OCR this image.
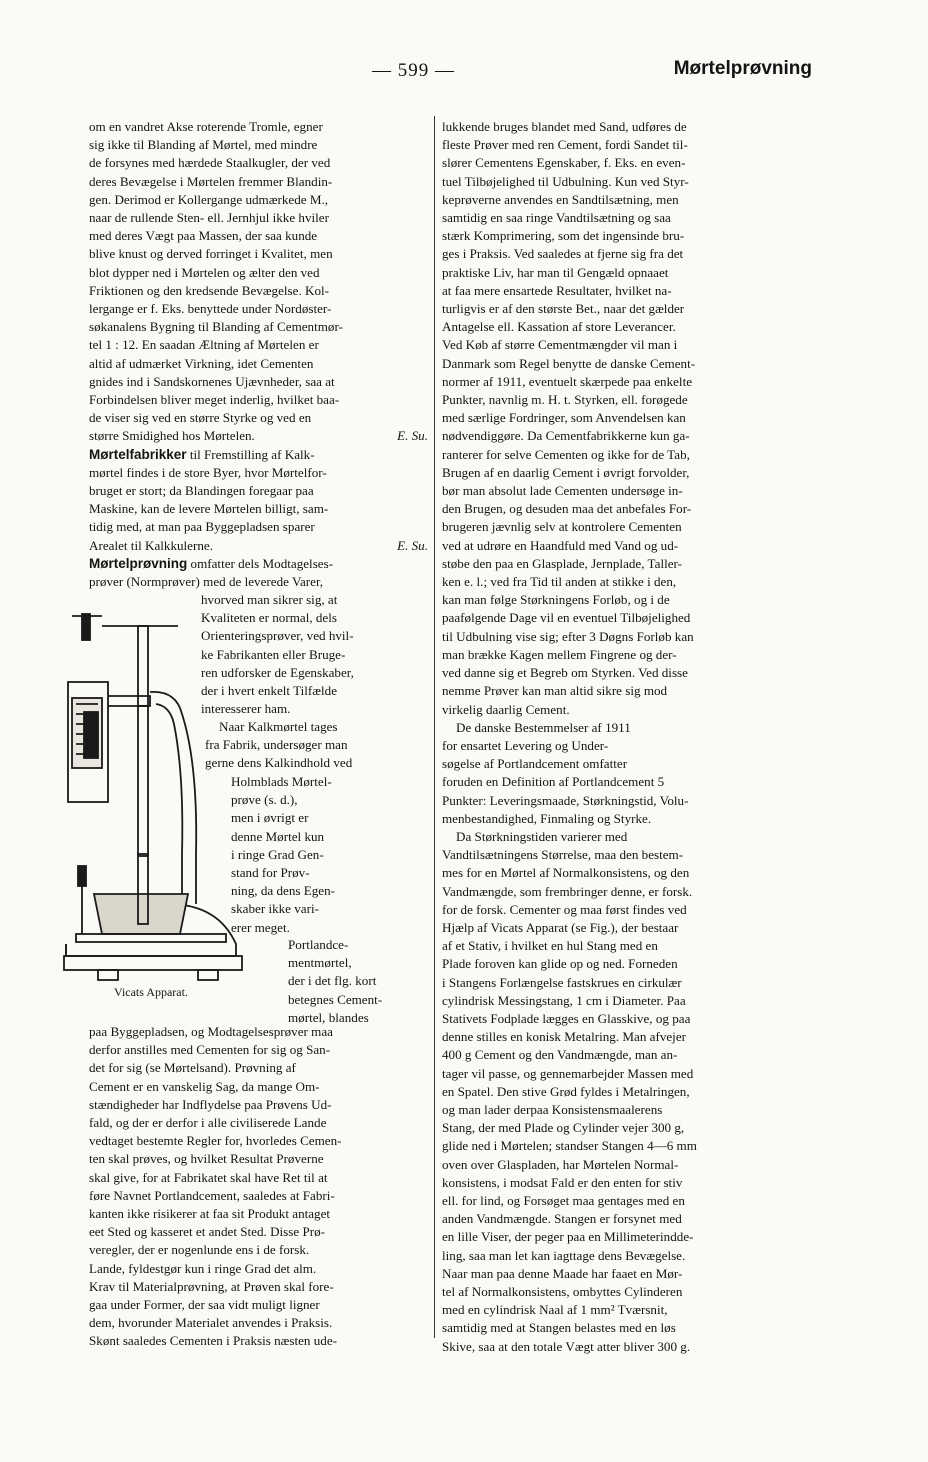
— 599 —	Mørtelprøvning

om en vandret Akse roterende Tromle, egner
sig ikke til Blanding af Mørtel, med mindre
de forsynes med hærdede Staalkugler, der ved
deres Bevægelse i Mørtelen fremmer Blandin-
gen. Derimod er Kollergange udmærkede M.,
naar de rullende Sten- ell. Jernhjul ikke hviler
med deres Vægt paa Massen, der saa kunde
blive knust og derved forringet i Kvalitet, men
blot dypper ned i Mørtelen og ælter den ved
Friktionen og den kredsende Bevægelse. Kol-
lergange er f. Eks. benyttede under Nordøster-
søkanalens Bygning til Blanding af Cementmør-
tel 1 : 12. En saadan Æltning af Mørtelen er
altid af udmærket Virkning, idet Cementen
gnides ind i Sandskornenes Ujævnheder, saa at
Forbindelsen bliver meget inderlig, hvilket baa-
de viser sig ved en større Styrke og ved en
E. Su.
større Smidighed hos Mørtelen.

Mørtelfabrikker til Fremstilling af Kalk-
mørtel findes i de store Byer, hvor Mørtelfor-
bruget er stort; da Blandingen foregaar paa
Maskine, kan de levere Mørtelen billigt, sam-
tidig med, at man paa Byggepladsen sparer
E. Su.
Arealet til Kalkkulerne.

Mørtelprøvning omfatter dels Modtagelses-
prøver (Normprøver) med de leverede Varer,

hvorved man sikrer sig, at
Kvaliteten er normal, dels
Orienteringsprøver, ved hvil-
ke Fabrikanten eller Bruge-
ren udforsker de Egenskaber,
der i hvert enkelt Tilfælde
interesserer ham.
Naar Kalkmørtel tages
fra Fabrik, undersøger man
gerne dens Kalkindhold ved
Holmblads Mørtel-
prøve (s. d.),
men i øvrigt er
denne Mørtel kun
i ringe Grad Gen-
stand for Prøv-
ning, da dens Egen-
skaber ikke vari-
erer meget.
Portlandce-
mentmørtel,
der i det flg. kort
betegnes Cement-
mørtel, blandes
Vicats Apparat.

paa Byggepladsen, og Modtagelsesprøver maa
derfor anstilles med Cementen for sig og San-
det for sig (se Mørtelsand). Prøvning af
Cement er en vanskelig Sag, da mange Om-
stændigheder har Indflydelse paa Prøvens Ud-
fald, og der er derfor i alle civiliserede Lande
vedtaget bestemte Regler for, hvorledes Cemen-
ten skal prøves, og hvilket Resultat Prøverne
skal give, for at Fabrikatet skal have Ret til at
føre Navnet Portlandcement, saaledes at Fabri-
kanten ikke risikerer at faa sit Produkt antaget
eet Sted og kasseret et andet Sted. Disse Prø-
veregler, der er nogenlunde ens i de forsk.
Lande, fyldestgør kun i ringe Grad det alm.
Krav til Materialprøvning, at Prøven skal fore-
gaa under Former, der saa vidt muligt ligner
dem, hvorunder Materialet anvendes i Praksis.
Skønt saaledes Cementen i Praksis næsten ude-

lukkende bruges blandet med Sand, udføres de
fleste Prøver med ren Cement, fordi Sandet til-
slører Cementens Egenskaber, f. Eks. en even-
tuel Tilbøjelighed til Udbulning. Kun ved Styr-
keprøverne anvendes en Sandtilsætning, men
samtidig en saa ringe Vandtilsætning og saa
stærk Komprimering, som det ingensinde bru-
ges i Praksis. Ved saaledes at fjerne sig fra det
praktiske Liv, har man til Gengæld opnaaet
at faa mere ensartede Resultater, hvilket na-
turligvis er af den største Bet., naar det gælder
Antagelse ell. Kassation af store Leverancer.
Ved Køb af større Cementmængder vil man i
Danmark som Regel benytte de danske Cement-
normer af 1911, eventuelt skærpede paa enkelte
Punkter, navnlig m. H. t. Styrken, ell. forøgede
med særlige Fordringer, som Anvendelsen kan
nødvendiggøre. Da Cementfabrikkerne kun ga-
ranterer for selve Cementen og ikke for de Tab,
Brugen af en daarlig Cement i øvrigt forvolder,
bør man absolut lade Cementen undersøge in-
den Brugen, og desuden maa det anbefales For-
brugeren jævnlig selv at kontrolere Cementen
ved at udrøre en Haandfuld med Vand og ud-
støbe den paa en Glasplade, Jernplade, Taller-
ken e. l.; ved fra Tid til anden at stikke i den,
kan man følge Størkningens Forløb, og i de
paafølgende Dage vil en eventuel Tilbøjelighed
til Udbulning vise sig; efter 3 Døgns Forløb kan
man brække Kagen mellem Fingrene og der-
ved danne sig et Begreb om Styrken. Ved disse
nemme Prøver kan man altid sikre sig mod
virkelig daarlig Cement.

De danske Bestemmelser af 1911
for ensartet Levering og Under-
søgelse af Portlandcement omfatter
foruden en Definition af Portlandcement 5
Punkter: Leveringsmaade, Størkningstid, Volu-
menbestandighed, Finmaling og Styrke.

Da Størkningstiden varierer med
Vandtilsætningens Størrelse, maa den bestem-
mes for en Mørtel af Normalkonsistens, og den
Vandmængde, som frembringer denne, er forsk.
for de forsk. Cementer og maa først findes ved
Hjælp af Vicats Apparat (se Fig.), der bestaar
af et Stativ, i hvilket en hul Stang med en
Plade foroven kan glide op og ned. Forneden
i Stangens Forlængelse fastskrues en cirkulær
cylindrisk Messingstang, 1 cm i Diameter. Paa
Stativets Fodplade lægges en Glasskive, og paa
denne stilles en konisk Metalring. Man afvejer
400 g Cement og den Vandmængde, man an-
tager vil passe, og gennemarbejder Massen med
en Spatel. Den stive Grød fyldes i Metalringen,
og man lader derpaa Konsistensmaalerens
Stang, der med Plade og Cylinder vejer 300 g,
glide ned i Mørtelen; standser Stangen 4—6 mm
oven over Glaspladen, har Mørtelen Normal-
konsistens, i modsat Fald er den enten for stiv
ell. for lind, og Forsøget maa gentages med en
anden Vandmængde. Stangen er forsynet med
en lille Viser, der peger paa en Millimeterindde-
ling, saa man let kan iagttage dens Bevægelse.
Naar man paa denne Maade har faaet en Mør-
tel af Normalkonsistens, ombyttes Cylinderen
med en cylindrisk Naal af 1 mm² Tværsnit,
samtidig med at Stangen belastes med en løs
Skive, saa at den totale Vægt atter bliver 300 g.
